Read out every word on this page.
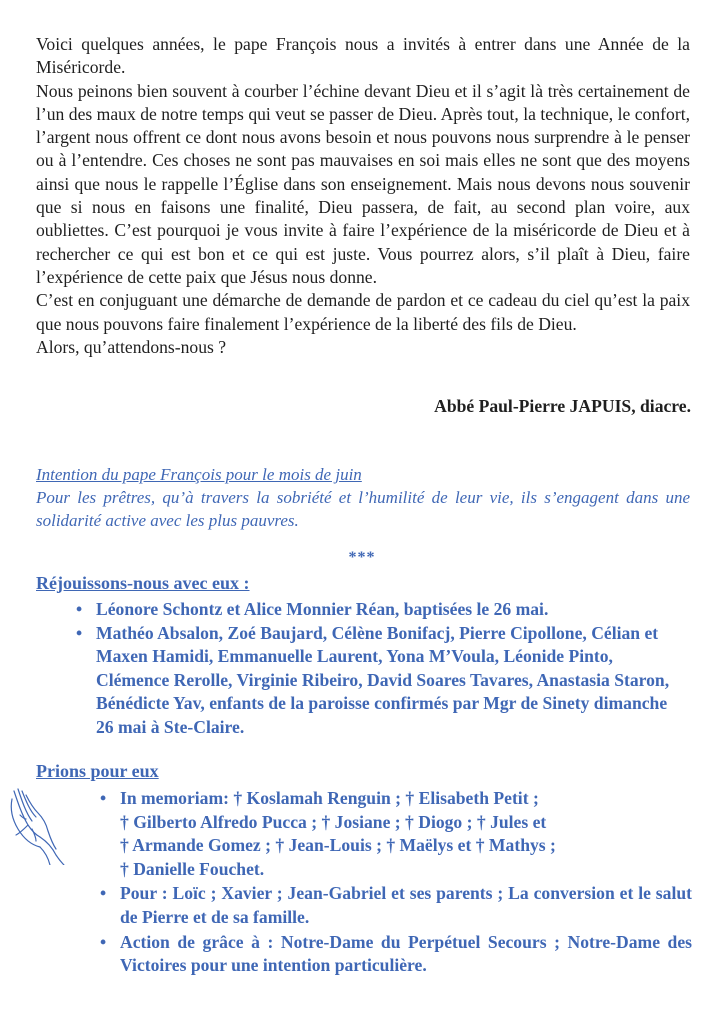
Voici quelques années, le pape François nous a invités à entrer dans une Année de la Miséricorde.

Nous peinons bien souvent à courber l’échine devant Dieu et il s’agit là très certainement de l’un des maux de notre temps qui veut se passer de Dieu. Après tout, la technique, le confort, l’argent nous offrent ce dont nous avons besoin et nous pouvons nous surprendre à le penser ou à l’entendre. Ces choses ne sont pas mauvaises en soi mais elles ne sont que des moyens ainsi que nous le rappelle l’Église dans son enseignement. Mais nous devons nous souvenir que si nous en faisons une finalité, Dieu passera, de fait, au second plan voire, aux oubliettes. C’est pourquoi je vous invite à faire l’expérience de la miséricorde de Dieu et à rechercher ce qui est bon et ce qui est juste. Vous pourrez alors, s’il plaît à Dieu, faire l’expérience de cette paix que Jésus nous donne.

C’est en conjuguant une démarche de demande de pardon et ce cadeau du ciel qu’est la paix que nous pouvons faire finalement l’expérience de la liberté des fils de Dieu.

Alors, qu’attendons-nous ?

Abbé Paul-Pierre JAPUIS, diacre.
Intention du pape François pour le mois de juin
Pour les prêtres, qu’à travers la sobriété et l’humilité de leur vie, ils s’engagent dans une solidarité active avec les plus pauvres.
***
Réjouissons-nous avec eux :
• Léonore Schontz et Alice Monnier Réan, baptisées le 26 mai.
• Mathéo Absalon, Zoé Baujard, Célène Bonifacj, Pierre Cipollone, Célian et Maxen Hamidi, Emmanuelle Laurent, Yona M’Voula, Léonide Pinto, Clémence Rerolle, Virginie Ribeiro, David Soares Tavares, Anastasia Staron, Bénédicte Yav, enfants de la paroisse confirmés par Mgr de Sinety dimanche 26 mai à Ste-Claire.
Prions pour eux
• In memoriam: † Koslamah Renguin ; † Elisabeth Petit ;
† Gilberto Alfredo Pucca ; † Josiane ; † Diogo ; † Jules et
† Armande Gomez ; † Jean-Louis ; † Maëlys et † Mathys ;
† Danielle Fouchet.
• Pour : Loïc ; Xavier ; Jean-Gabriel et ses parents ; La conversion et le salut de Pierre et de sa famille.
• Action de grâce à : Notre-Dame du Perpétuel Secours ; Notre-Dame des Victoires pour une intention particulière.
